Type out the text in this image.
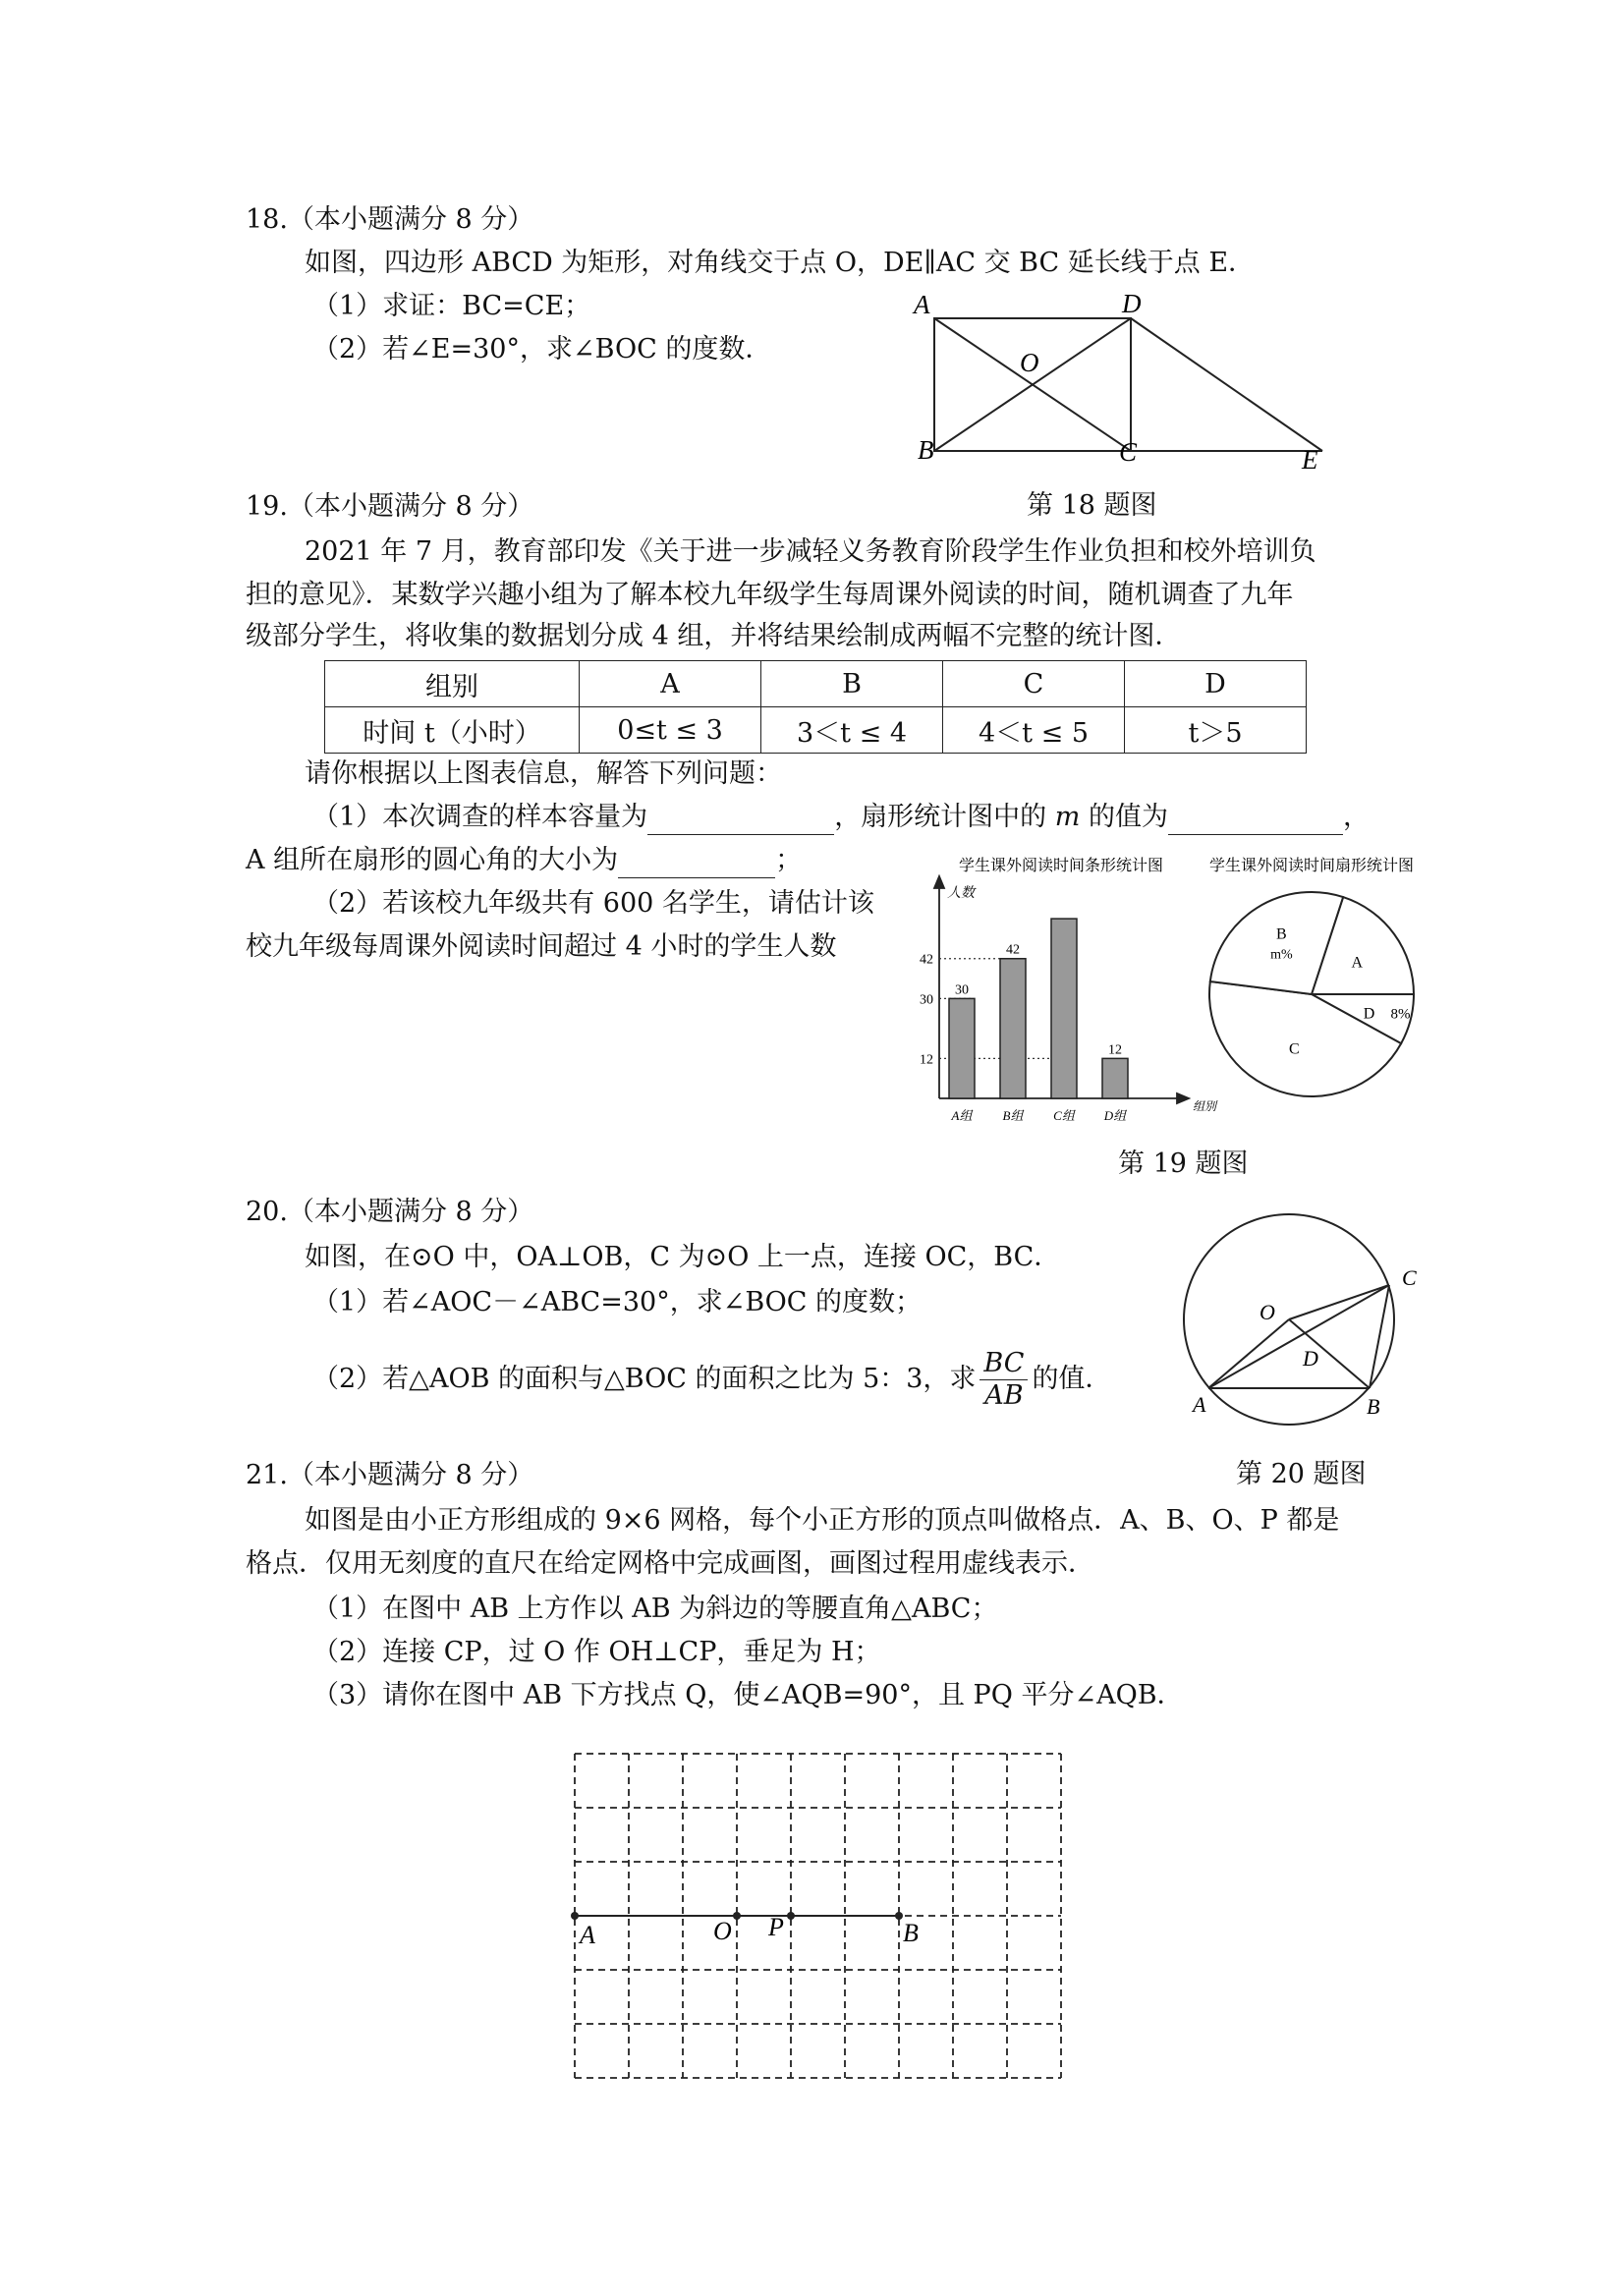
18.（本小题满分 8 分）
如图，四边形 ABCD 为矩形，对角线交于点 O，DE∥AC 交 BC 延长线于点 E．
（1）求证：BC=CE；
（2）若∠E=30°，求∠BOC 的度数．
A	D
O
B	C	E
第 18 题图
19.（本小题满分 8 分）
2021 年 7 月，教育部印发《关于进一步减轻义务教育阶段学生作业负担和校外培训负
担的意见》．某数学兴趣小组为了解本校九年级学生每周课外阅读的时间，随机调查了九年
级部分学生，将收集的数据划分成 4 组，并将结果绘制成两幅不完整的统计图．
组别	A	B	C	D
时间 t（小时）	0≤t ≤ 3	3＜t ≤ 4	4＜t ≤ 5	t＞5
请你根据以上图表信息，解答下列问题：
（1）本次调查的样本容量为	，扇形统计图中的 m 的值为	，
A 组所在扇形的圆心角的大小为	；
（2）若该校九年级共有 600 名学生，请估计该
校九年级每周课外阅读时间超过 4 小时的学生人数
学生课外阅读时间条形统计图
人数
组别
12
30
42
30
A组
42
B组 C组
12
D组
学生课外阅读时间扇形统计图
A
D 8%
C
B
m%
第 19 题图
20.（本小题满分 8 分）
如图，在⊙O 中，OA⊥OB，C 为⊙O 上一点，连接 OC，BC．
（1）若∠AOC－∠ABC=30°，求∠BOC 的度数；
（2）若△AOB 的面积与△BOC 的面积之比为 5：3，求 $\frac{BC}{AB}$ 的值．
O
C
D
A	B
第 20 题图
21.（本小题满分 8 分）
如图是由小正方形组成的 9×6 网格，每个小正方形的顶点叫做格点．A、B、O、P 都是
格点．仅用无刻度的直尺在给定网格中完成画图，画图过程用虚线表示．
（1）在图中 AB 上方作以 AB 为斜边的等腰直角△ABC；
（2）连接 CP，过 O 作 OH⊥CP，垂足为 H；
（3）请你在图中 AB 下方找点 Q，使∠AQB=90°，且 PQ 平分∠AQB．
A	O P	B
